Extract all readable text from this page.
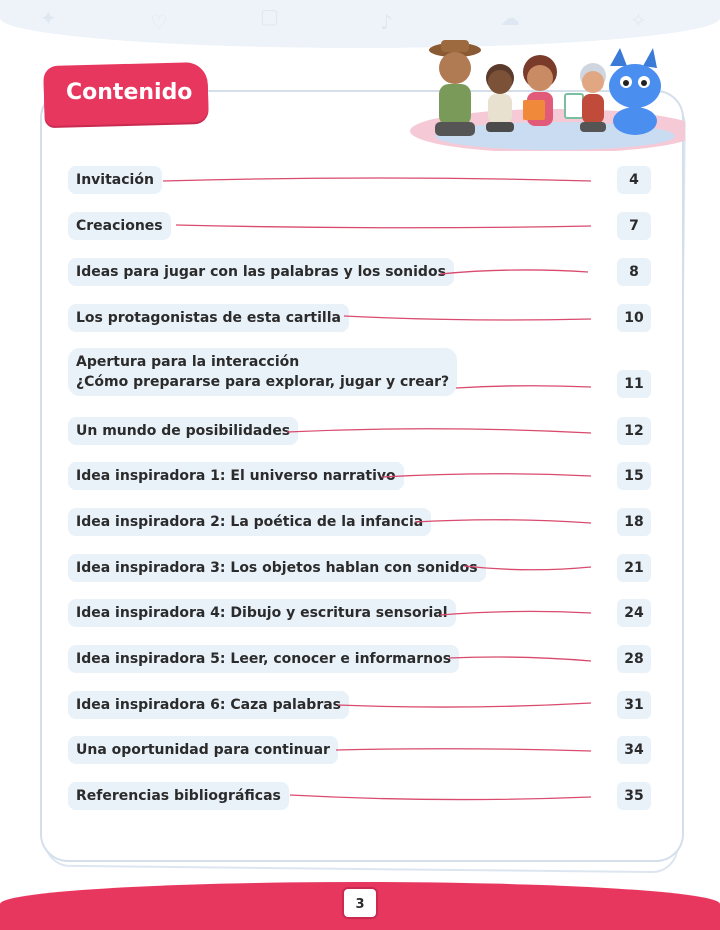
✦	♡	▢	♪	☁	✧
Contenido
Invitación	4
Creaciones	7
Ideas para jugar con las palabras y los sonidos	8
Los protagonistas de esta cartilla	10
Apertura para la interacción
¿Cómo prepararse para explorar, jugar y crear?	11
Un mundo de posibilidades	12
Idea inspiradora 1: El universo narrativo	15
Idea inspiradora 2: La poética de la infancia	18
Idea inspiradora 3: Los objetos hablan con sonidos	21
Idea inspiradora 4: Dibujo y escritura sensorial	24
Idea inspiradora 5: Leer, conocer e informarnos	28
Idea inspiradora 6: Caza palabras	31
Una oportunidad para continuar	34
Referencias bibliográficas	35
3
